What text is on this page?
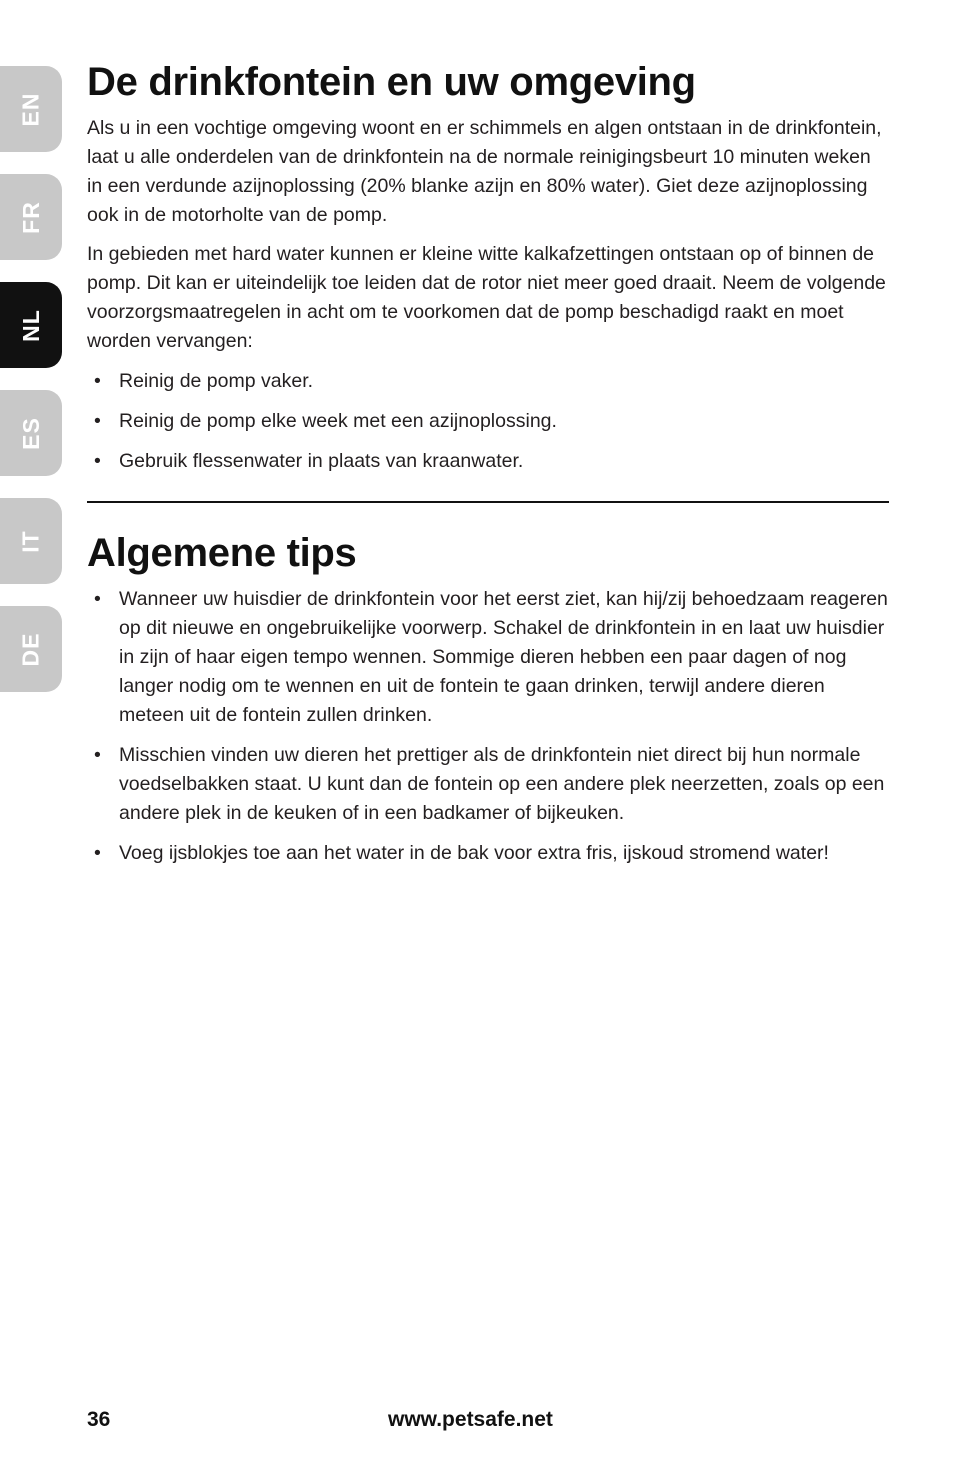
EN
FR
NL
ES
IT
DE
De drinkfontein en uw omgeving

Als u in een vochtige omgeving woont en er schimmels en algen ontstaan in de drinkfontein, laat u alle onderdelen van de drinkfontein na de normale reinigingsbeurt 10 minuten weken in een verdunde azijnoplossing (20% blanke azijn en 80% water). Giet deze azijnoplossing ook in de motorholte van de pomp.

In gebieden met hard water kunnen er kleine witte kalkafzettingen ontstaan op of binnen de pomp. Dit kan er uiteindelijk toe leiden dat de rotor niet meer goed draait. Neem de volgende voorzorgsmaatregelen in acht om te voorkomen dat de pomp beschadigd raakt en moet worden vervangen:

• Reinig de pomp vaker.
• Reinig de pomp elke week met een azijnoplossing.
• Gebruik flessenwater in plaats van kraanwater.
Algemene tips
• Wanneer uw huisdier de drinkfontein voor het eerst ziet, kan hij/zij behoedzaam reageren op dit nieuwe en ongebruikelijke voorwerp. Schakel de drinkfontein in en laat uw huisdier in zijn of haar eigen tempo wennen. Sommige dieren hebben een paar dagen of nog langer nodig om te wennen en uit de fontein te gaan drinken, terwijl andere dieren meteen uit de fontein zullen drinken.
• Misschien vinden uw dieren het prettiger als de drinkfontein niet direct bij hun normale voedselbakken staat. U kunt dan de fontein op een andere plek neerzetten, zoals op een andere plek in de keuken of in een badkamer of bijkeuken.
• Voeg ijsblokjes toe aan het water in de bak voor extra fris, ijskoud stromend water!
36	www.petsafe.net
